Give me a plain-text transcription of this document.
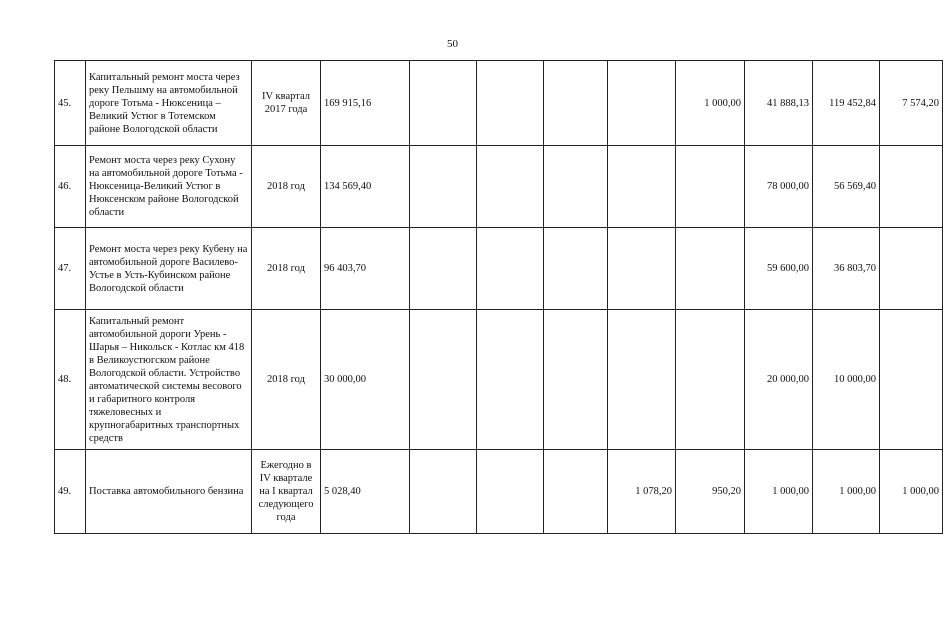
50
45.	Капитальный ремонт моста через реку Пельшму на автомобильной дороге Тотьма - Нюксеница – Великий Устюг в Тотемском районе Вологодской области	IV квартал 2017 года	169 915,16					1 000,00	41 888,13	119 452,84	7 574,20
46.	Ремонт моста через реку Сухону на автомобильной дороге Тотьма - Нюксеница-Великий Устюг в Нюксенском районе Вологодской области	2018 год	134 569,40						78 000,00	56 569,40	
47.	Ремонт моста через реку Кубену на автомобильной дороге Василево-Устье в Усть-Кубинском районе Вологодской области	2018 год	96 403,70						59 600,00	36 803,70	
48.	Капитальный ремонт автомобильной дороги Урень - Шарья – Никольск - Котлас км 418 в Великоустюгском районе Вологодской области. Устройство автоматической системы весового и габаритного контроля тяжеловесных и крупногабаритных транспортных средств	2018 год	30 000,00						20 000,00	10 000,00	
49.	Поставка автомобильного бензина	Ежегодно в IV квартале на I квартал следующего года	5 028,40				1 078,20	950,20	1 000,00	1 000,00	1 000,00
